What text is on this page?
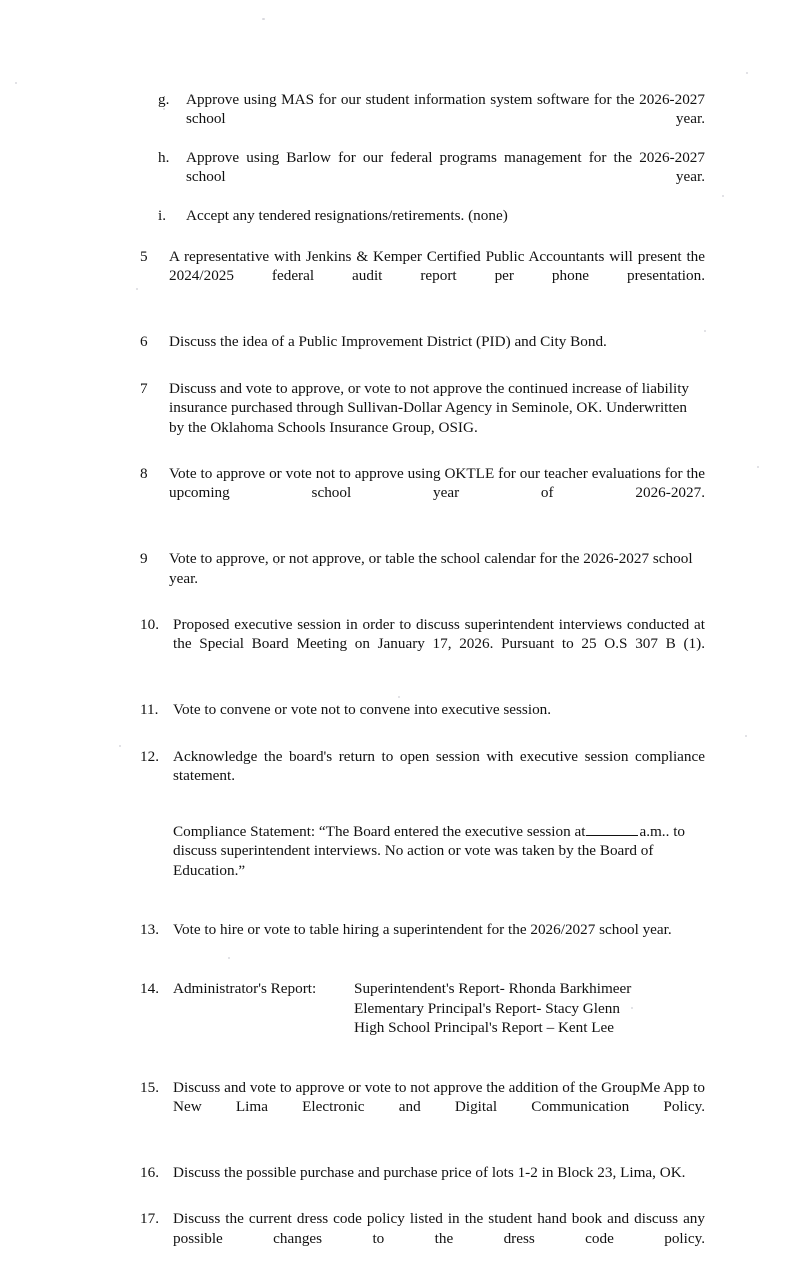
g.	Approve using MAS for our student information system software for the 2026-2027 school year.
h.	Approve using Barlow for our federal programs management for the 2026-2027 school year.
i.	Accept any tendered resignations/retirements. (none)
5	A representative with Jenkins & Kemper Certified Public Accountants will present the 2024/2025 federal audit report per phone presentation.
6	Discuss the idea of a Public Improvement District (PID) and City Bond.
7	Discuss and vote to approve, or vote to not approve the continued increase of liability insurance purchased through Sullivan-Dollar Agency in Seminole, OK. Underwritten by the Oklahoma Schools Insurance Group, OSIG.
8	Vote to approve or vote not to approve using OKTLE for our teacher evaluations for the upcoming school year of 2026-2027.
9	Vote to approve, or not approve, or table the school calendar for the 2026-2027 school year.
10. Proposed executive session in order to discuss superintendent interviews conducted at the Special Board Meeting on January 17, 2026. Pursuant to 25 O.S 307 B (1).
11. Vote to convene or vote not to convene into executive session.
12. Acknowledge the board's return to open session with executive session compliance statement.
Compliance Statement: “The Board entered the executive session at	a.m.. to discuss superintendent interviews. No action or vote was taken by the Board of Education.”
13. Vote to hire or vote to table hiring a superintendent for the 2026/2027 school year.
14. Administrator's Report:	Superintendent's Report- Rhonda Barkhimeer
Elementary Principal's Report- Stacy Glenn
High School Principal's Report – Kent Lee
15. Discuss and vote to approve or vote to not approve the addition of the GroupMe App to New Lima Electronic and Digital Communication Policy.
16. Discuss the possible purchase and purchase price of lots 1-2 in Block 23, Lima, OK.
17. Discuss the current dress code policy listed in the student hand book and discuss any possible changes to the dress code policy.
